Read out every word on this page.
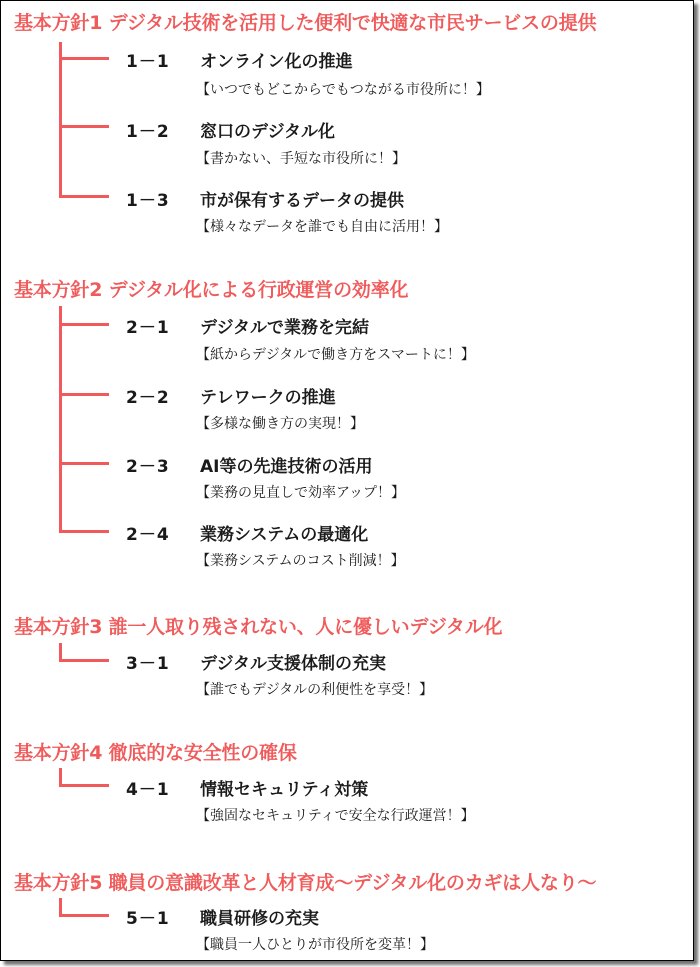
基本方針1 デジタル技術を活用した便利で快適な市民サービスの提供
1－1 オンライン化の推進
【いつでもどこからでもつながる市役所に！】
1－2 窓口のデジタル化
【書かない、手短な市役所に！】
1－3 市が保有するデータの提供
【様々なデータを誰でも自由に活用！】
基本方針2 デジタル化による行政運営の効率化
2－1 デジタルで業務を完結
【紙からデジタルで働き方をスマートに！】
2－2 テレワークの推進
【多様な働き方の実現！】
2－3 AI等の先進技術の活用
【業務の見直しで効率アップ！】
2－4 業務システムの最適化
【業務システムのコスト削減！】
基本方針3 誰一人取り残されない、人に優しいデジタル化
3－1 デジタル支援体制の充実
【誰でもデジタルの利便性を享受！】
基本方針4 徹底的な安全性の確保
4－1 情報セキュリティ対策
【強固なセキュリティで安全な行政運営！】
基本方針5 職員の意識改革と人材育成～デジタル化のカギは人なり～
5－1 職員研修の充実
【職員一人ひとりが市役所を変革！】
